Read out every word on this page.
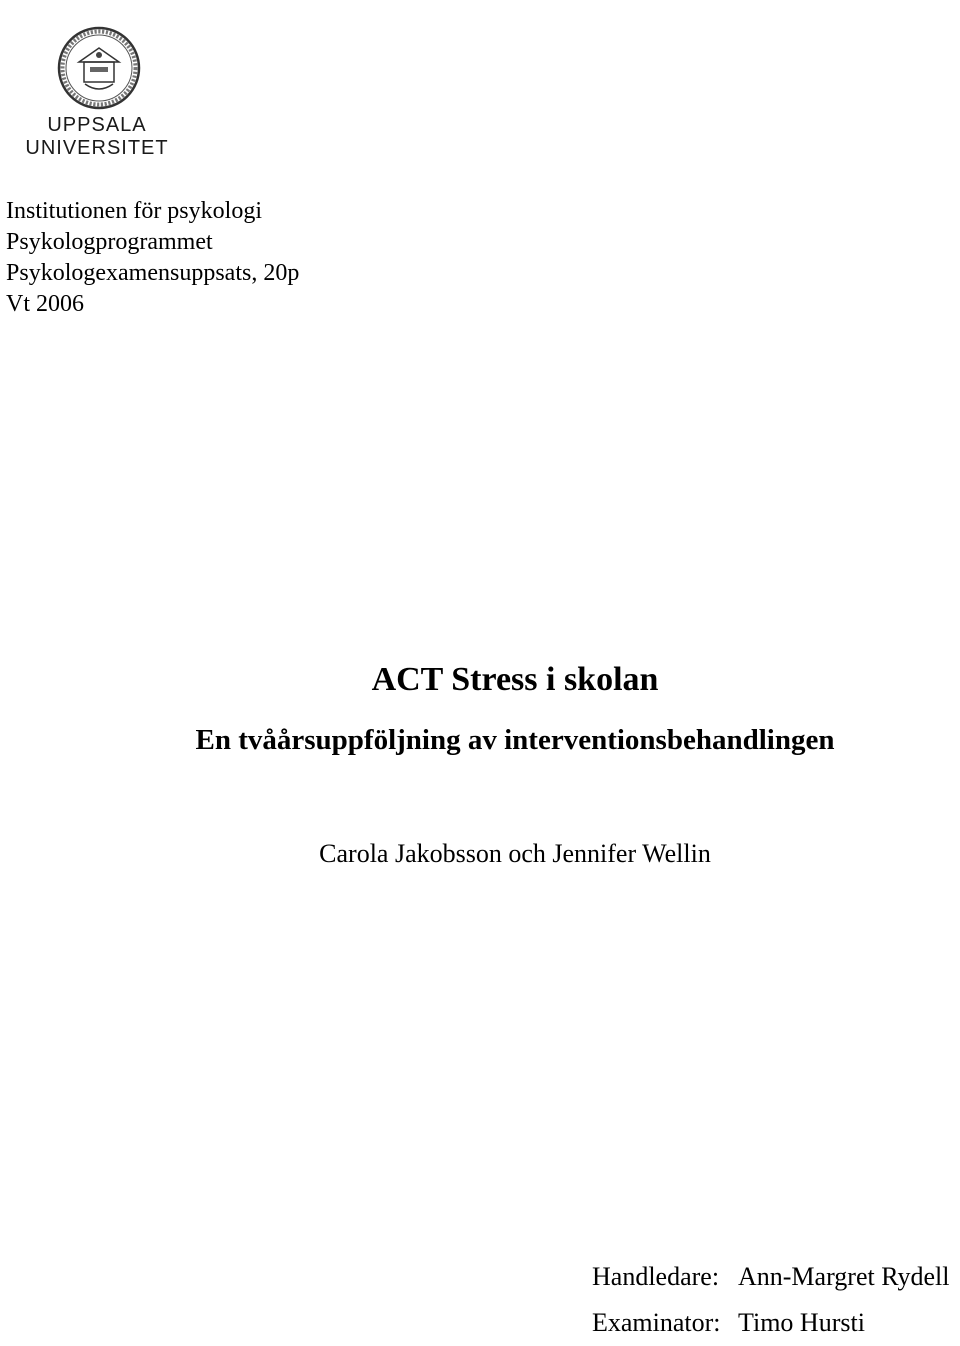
UPPSALA
UNIVERSITET
Institutionen för psykologi
Psykologprogrammet
Psykologexamensuppsats, 20p
Vt 2006
ACT Stress i skolan
En tvåårsuppföljning av interventionsbehandlingen
Carola Jakobsson och Jennifer Wellin
Handledare: Ann-Margret Rydell
Examinator: Timo Hursti
